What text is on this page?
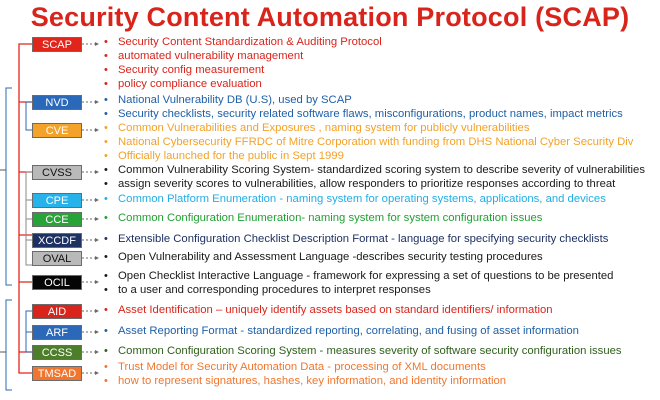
Security Content Automation Protocol (SCAP)
SCAP
NVD
CVE
CVSS
CPE
CCE
XCCDF
OVAL
OCIL
AID
ARF
CCSS
TMSAD
• Security Content Standardization & Auditing Protocol
• automated vulnerability management
• Security config measurement
• policy compliance evaluation
• National Vulnerability DB (U.S), used by SCAP
• Security checklists, security related software flaws, misconfigurations, product names, impact metrics
• Common Vulnerabilities and Exposures , naming system for publicly vulnerabilities
• National Cybersecurity FFRDC of Mitre Corporation with funding from DHS National Cyber Security Div
• Officially launched for the public in Sept 1999
• Common Vulnerability Scoring System- standardized scoring system to describe severity of vulnerabilities
• assign severity scores to vulnerabilities, allow responders to prioritize responses according to threat
• Common Platform Enumeration - naming system for operating systems, applications, and devices
• Common Configuration Enumeration- naming system for system configuration issues
• Extensible Configuration Checklist Description Format - language for specifying security checklists
• Open Vulnerability and Assessment Language -describes security testing procedures
• Open Checklist Interactive Language - framework for expressing a set of questions to be presented
• to a user and corresponding procedures to interpret responses
• Asset Identification – uniquely identify assets based on standard identifiers/ information
• Asset Reporting Format - standardized reporting, correlating, and fusing of asset information
• Common Configuration Scoring System - measures severity of software security configuration issues
• Trust Model for Security Automation Data - processing of XML documents
• how to represent signatures, hashes, key information, and identity information
